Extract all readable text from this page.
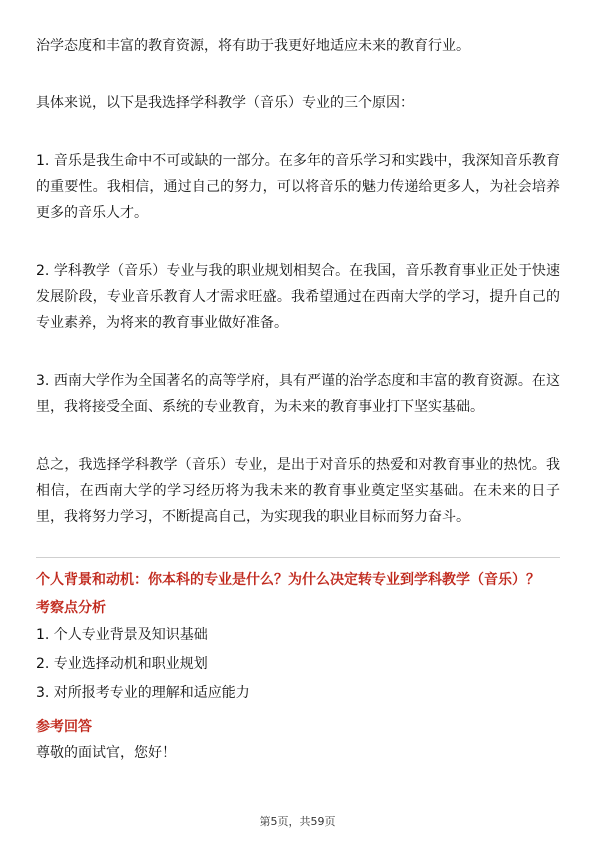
治学态度和丰富的教育资源，将有助于我更好地适应未来的教育行业。

具体来说，以下是我选择学科教学（音乐）专业的三个原因：

1. 音乐是我生命中不可或缺的一部分。在多年的音乐学习和实践中，我深知音乐教育的重要性。我相信，通过自己的努力，可以将音乐的魅力传递给更多人，为社会培养更多的音乐人才。

2. 学科教学（音乐）专业与我的职业规划相契合。在我国，音乐教育事业正处于快速发展阶段，专业音乐教育人才需求旺盛。我希望通过在西南大学的学习，提升自己的专业素养，为将来的教育事业做好准备。

3. 西南大学作为全国著名的高等学府，具有严谨的治学态度和丰富的教育资源。在这里，我将接受全面、系统的专业教育，为未来的教育事业打下坚实基础。

总之，我选择学科教学（音乐）专业，是出于对音乐的热爱和对教育事业的热忱。我相信，在西南大学的学习经历将为我未来的教育事业奠定坚实基础。在未来的日子里，我将努力学习，不断提高自己，为实现我的职业目标而努力奋斗。

个人背景和动机：你本科的专业是什么？为什么决定转专业到学科教学（音乐）？

考察点分析

1. 个人专业背景及知识基础

2. 专业选择动机和职业规划

3. 对所报考专业的理解和适应能力

参考回答

尊敬的面试官，您好！

第5页，共59页
